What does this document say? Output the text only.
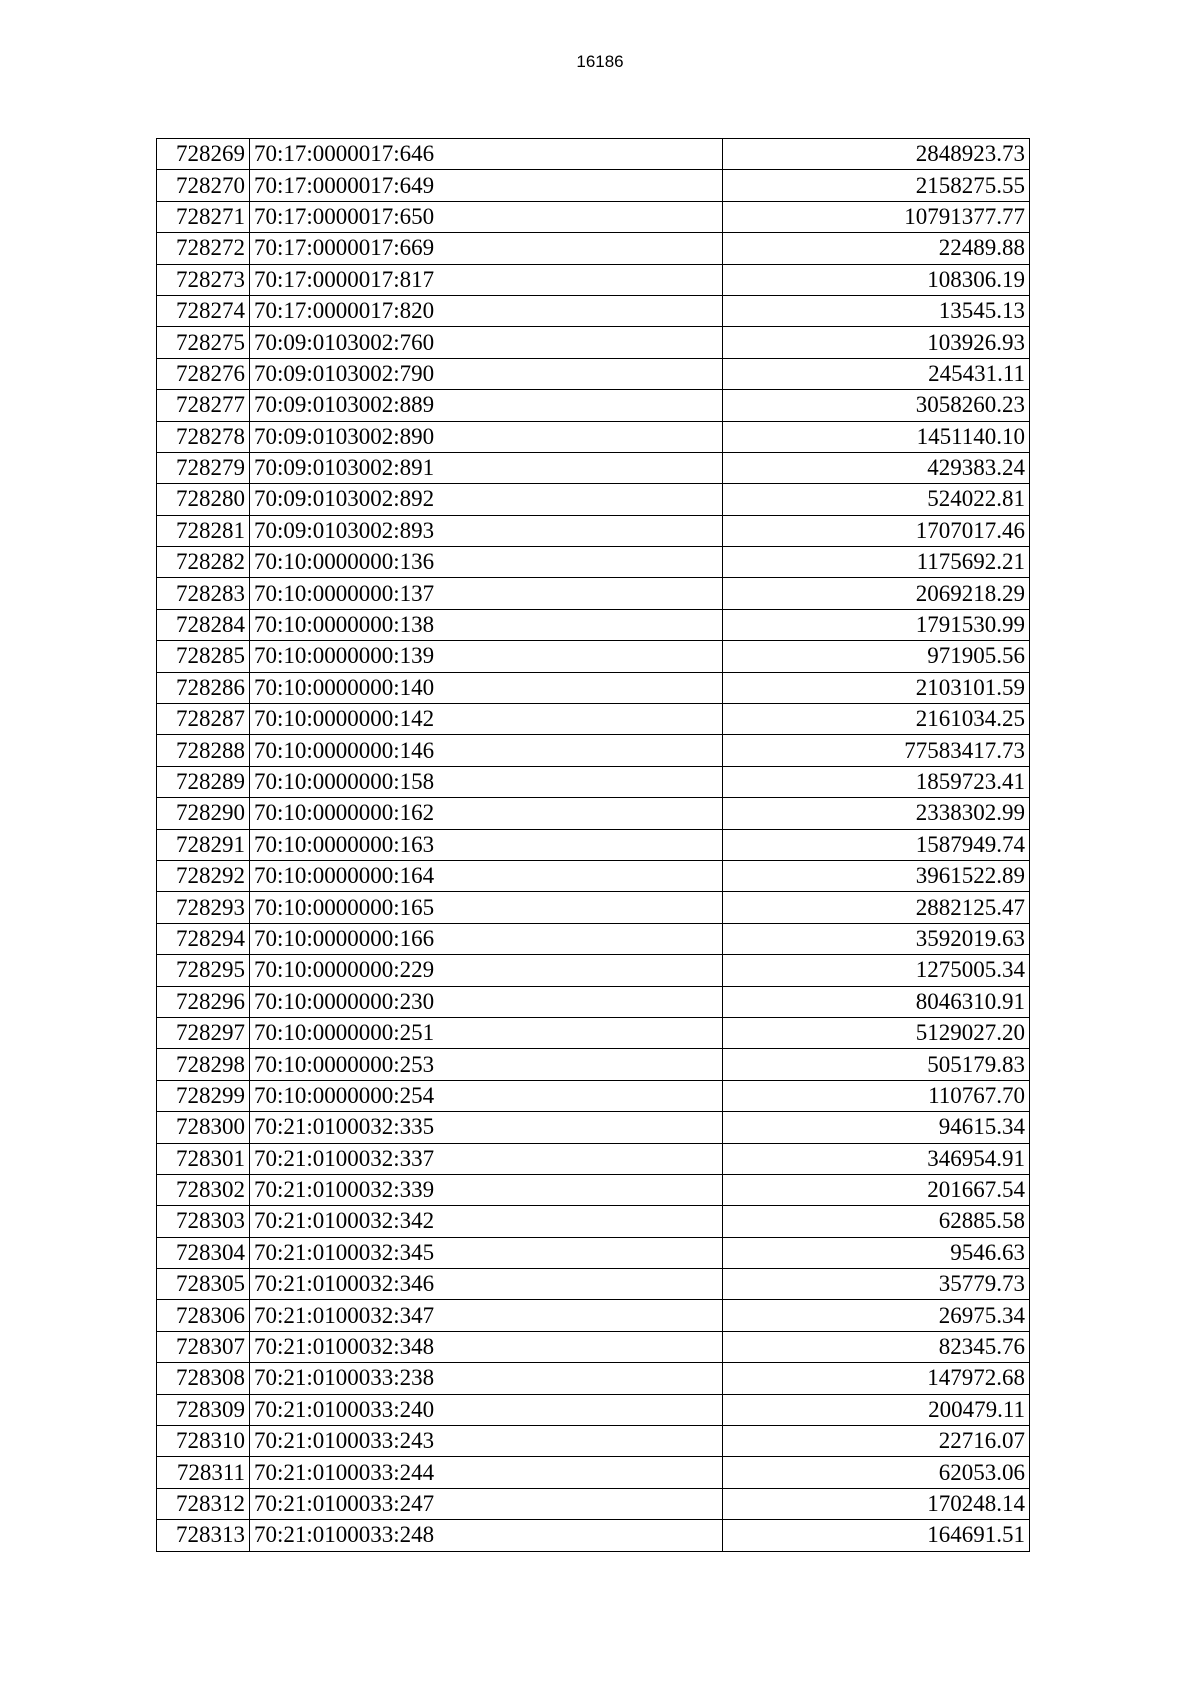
16186
728269	70:17:0000017:646	2848923.73
728270	70:17:0000017:649	2158275.55
728271	70:17:0000017:650	10791377.77
728272	70:17:0000017:669	22489.88
728273	70:17:0000017:817	108306.19
728274	70:17:0000017:820	13545.13
728275	70:09:0103002:760	103926.93
728276	70:09:0103002:790	245431.11
728277	70:09:0103002:889	3058260.23
728278	70:09:0103002:890	1451140.10
728279	70:09:0103002:891	429383.24
728280	70:09:0103002:892	524022.81
728281	70:09:0103002:893	1707017.46
728282	70:10:0000000:136	1175692.21
728283	70:10:0000000:137	2069218.29
728284	70:10:0000000:138	1791530.99
728285	70:10:0000000:139	971905.56
728286	70:10:0000000:140	2103101.59
728287	70:10:0000000:142	2161034.25
728288	70:10:0000000:146	77583417.73
728289	70:10:0000000:158	1859723.41
728290	70:10:0000000:162	2338302.99
728291	70:10:0000000:163	1587949.74
728292	70:10:0000000:164	3961522.89
728293	70:10:0000000:165	2882125.47
728294	70:10:0000000:166	3592019.63
728295	70:10:0000000:229	1275005.34
728296	70:10:0000000:230	8046310.91
728297	70:10:0000000:251	5129027.20
728298	70:10:0000000:253	505179.83
728299	70:10:0000000:254	110767.70
728300	70:21:0100032:335	94615.34
728301	70:21:0100032:337	346954.91
728302	70:21:0100032:339	201667.54
728303	70:21:0100032:342	62885.58
728304	70:21:0100032:345	9546.63
728305	70:21:0100032:346	35779.73
728306	70:21:0100032:347	26975.34
728307	70:21:0100032:348	82345.76
728308	70:21:0100033:238	147972.68
728309	70:21:0100033:240	200479.11
728310	70:21:0100033:243	22716.07
728311	70:21:0100033:244	62053.06
728312	70:21:0100033:247	170248.14
728313	70:21:0100033:248	164691.51
